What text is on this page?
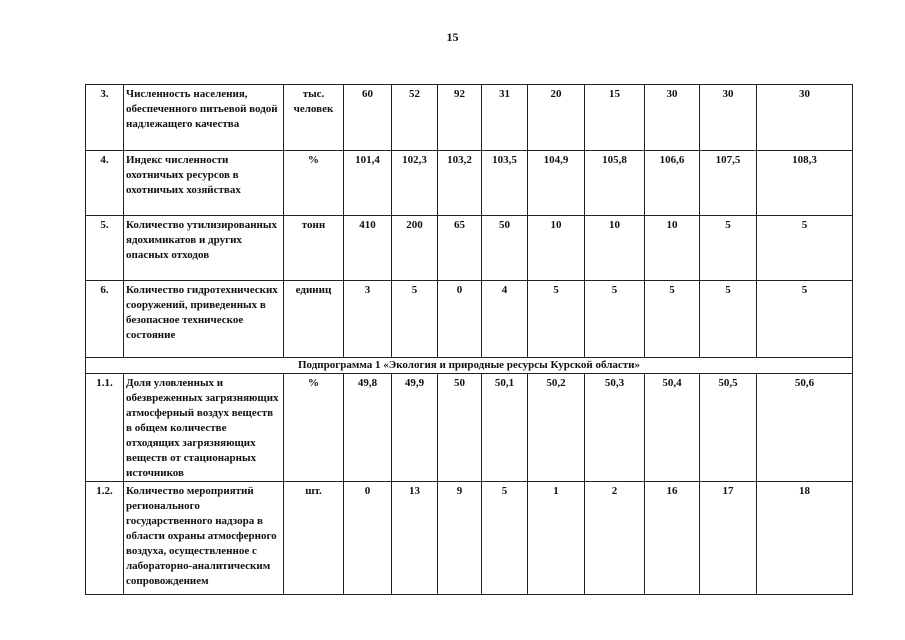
15
3.	Численность населения, обеспеченного питьевой водой надлежащего качества	тыс. человек	60	52	92	31	20	15	30	30	30
4.	Индекс численности охотничьих ресурсов в охотничьих хозяйствах	%	101,4	102,3	103,2	103,5	104,9	105,8	106,6	107,5	108,3
5.	Количество утилизированных ядохимикатов и других опасных отходов	тонн	410	200	65	50	10	10	10	5	5
6.	Количество гидротехнических сооружений, приведенных в безопасное техническое состояние	единиц	3	5	0	4	5	5	5	5	5
Подпрограмма 1 «Экология и природные ресурсы Курской области»											
1.1.	Доля уловленных и обезвреженных загрязняющих атмосферный воздух веществ в общем количестве отходящих загрязняющих веществ от стационарных источников	%	49,8	49,9	50	50,1	50,2	50,3	50,4	50,5	50,6
1.2.	Количество мероприятий регионального государственного надзора в области охраны атмосферного воздуха, осуществленное с лабораторно-аналитическим сопровождением	шт.	0	13	9	5	1	2	16	17	18
